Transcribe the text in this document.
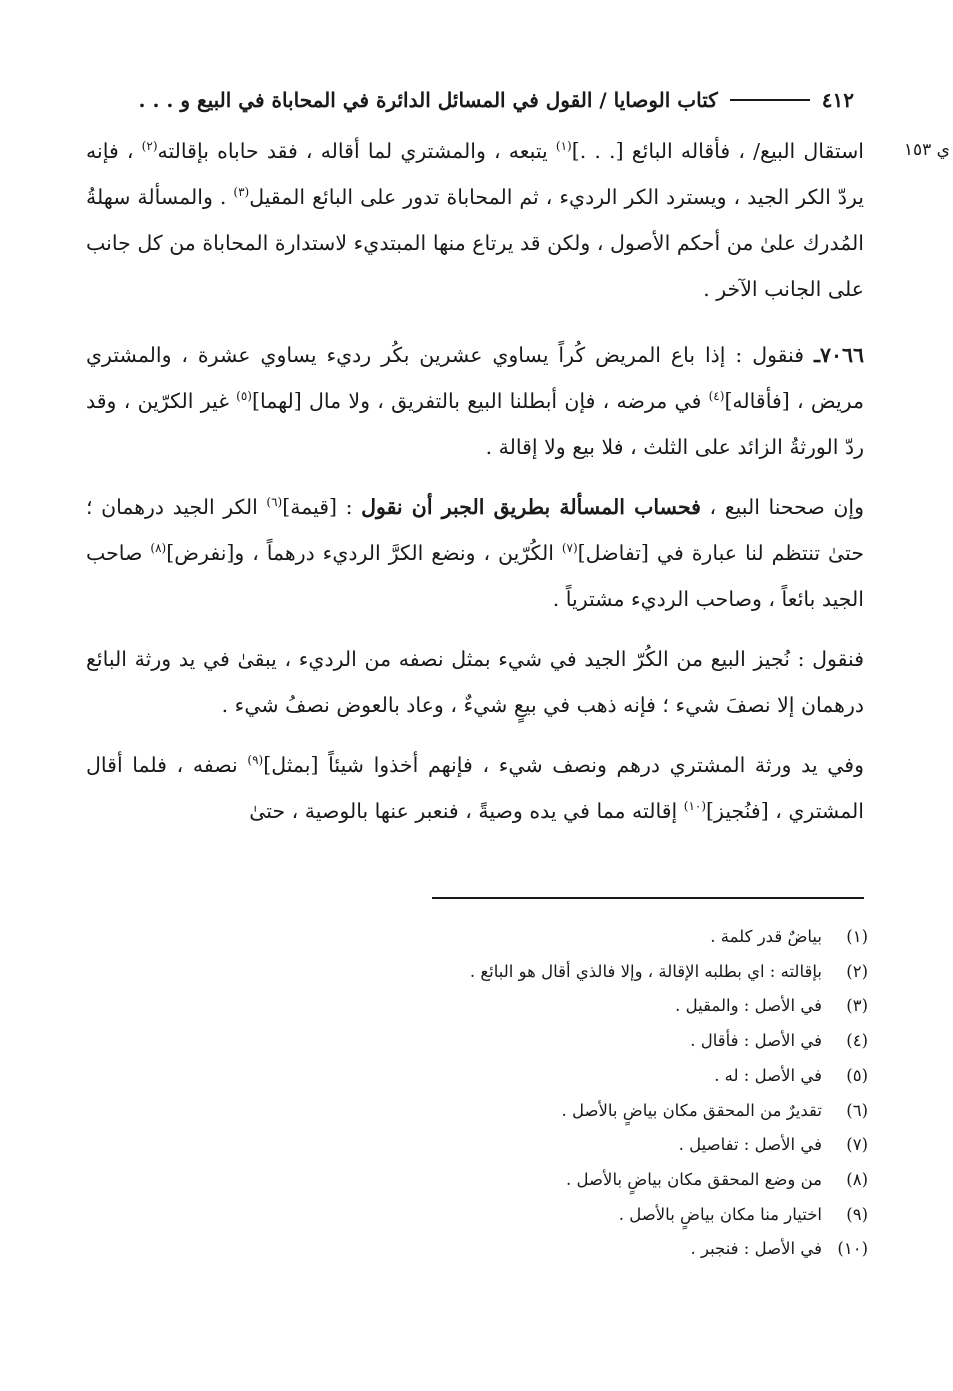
٤١٢
كتاب الوصايا / القول في المسائل الدائرة في المحاباة في البيع و . . .
ي ١٥٣

استقال البيع/ ، فأقاله البائع [. . .]$^{(١)}$ يتبعه ، والمشتري لما أقاله ، فقد حاباه بإقالته$^{(٢)}$ ، فإنه يردّ الكر الجيد ، ويسترد الكر الرديء ، ثم المحاباة تدور على البائع المقيل$^{(٣)}$ . والمسألة سهلةُ المُدرك علىٰ من أحكم الأصول ، ولكن قد يرتاع منها المبتديء لاستدارة المحاباة من كل جانب على الجانب الآخر .

٧٠٦٦ـ فنقول : إذا باع المريض كُراً يساوي عشرين بكُر رديء يساوي عشرة ، والمشتري مريض ، [فأقاله]$^{(٤)}$ في مرضه ، فإن أبطلنا البيع بالتفريق ، ولا مال [لهما]$^{(٥)}$ غير الكرّين ، وقد ردّ الورثةُ الزائد على الثلث ، فلا بيع ولا إقالة .

وإن صححنا البيع ، فحساب المسألة بطريق الجبر أن نقول : [قيمة]$^{(٦)}$ الكر الجيد درهمان ؛ حتىٰ تنتظم لنا عبارة في [تفاضل]$^{(٧)}$ الكُرّين ، ونضع الكرَّ الرديء درهماً ، و[نفرض]$^{(٨)}$ صاحب الجيد بائعاً ، وصاحب الرديء مشترياً .

فنقول : نُجيز البيع من الكُرّ الجيد في شيء بمثل نصفه من الرديء ، يبقىٰ في يد ورثة البائع درهمان إلا نصفَ شيء ؛ فإنه ذهب في بيعٍ شيءٌ ، وعاد بالعوض نصفُ شيء .

وفي يد ورثة المشتري درهم ونصف شيء ، فإنهم أخذوا شيئاً [بمثل]$^{(٩)}$ نصفه ، فلما أقال المشتري ، [فنُجيز]$^{(١٠)}$ إقالته مما في يده وصيةً ، فنعبر عنها بالوصية ، حتىٰ

(١)
بياضٌ قدر كلمة .
(٢)
بإقالته : اي بطلبه الإقالة ، وإلا فالذي أقال هو البائع .
(٣)
في الأصل : والمقيل .
(٤)
في الأصل : فأقال .
(٥)
في الأصل : له .
(٦)
تقديرٌ من المحقق مكان بياضٍ بالأصل .
(٧)
في الأصل : تفاصيل .
(٨)
من وضع المحقق مكان بياضٍ بالأصل .
(٩)
اختيار منا مكان بياضٍ بالأصل .
(١٠)
في الأصل : فنجبر .
